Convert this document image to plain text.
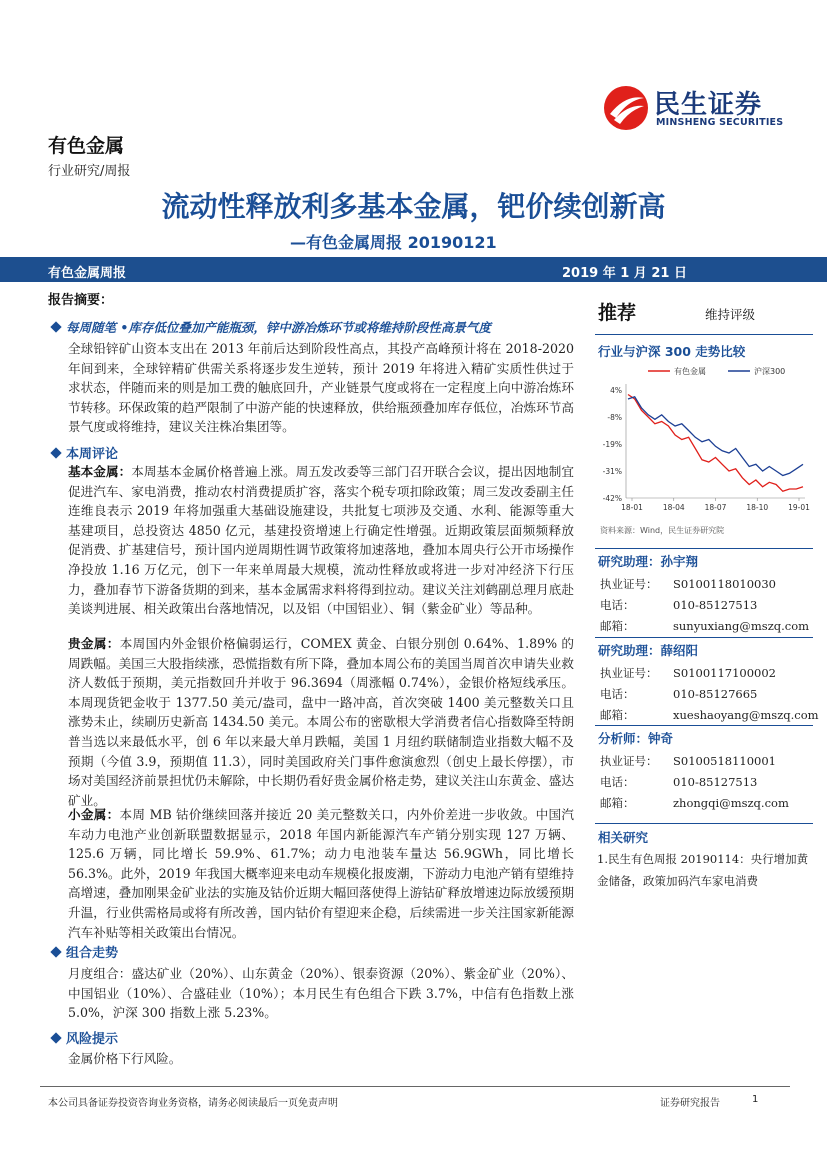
有色金属
行业研究/周报
民生证券
MINSHENG SECURITIES
流动性释放利多基本金属，钯价续创新高
—有色金属周报 20190121
有色金属周报	2019 年 1 月 21 日
报告摘要：
每周随笔 •库存低位叠加产能瓶颈，锌中游冶炼环节或将维持阶段性高景气度
全球铅锌矿山资本支出在 2013 年前后达到阶段性高点，其投产高峰预计将在 2018-2020 年间到来，全球锌精矿供需关系将逐步发生逆转，预计 2019 年将进入精矿实质性供过于求状态，伴随而来的则是加工费的触底回升，产业链景气度或将在一定程度上向中游冶炼环节转移。环保政策的趋严限制了中游产能的快速释放，供给瓶颈叠加库存低位，冶炼环节高景气度或将维持，建议关注株冶集团等。
本周评论
基本金属：本周基本金属价格普遍上涨。周五发改委等三部门召开联合会议，提出因地制宜促进汽车、家电消费，推动农村消费提质扩容，落实个税专项扣除政策；周三发改委副主任连维良表示 2019 年将加强重大基础设施建设，共批复七项涉及交通、水利、能源等重大基建项目，总投资达 4850 亿元，基建投资增速上行确定性增强。近期政策层面频频释放促消费、扩基建信号，预计国内逆周期性调节政策将加速落地，叠加本周央行公开市场操作净投放 1.16 万亿元，创下一年来单周最大规模，流动性释放或将进一步对冲经济下行压力，叠加春节下游备货期的到来，基本金属需求料将得到拉动。建议关注刘鹤副总理月底赴美谈判进展、相关政策出台落地情况，以及铝（中国铝业）、铜（紫金矿业）等品种。
贵金属：本周国内外金银价格偏弱运行，COMEX 黄金、白银分别创 0.64%、1.89% 的周跌幅。美国三大股指续涨，恐慌指数有所下降，叠加本周公布的美国当周首次申请失业救济人数低于预期，美元指数回升并收于 96.3694（周涨幅 0.74%），金银价格短线承压。本周现货钯金收于 1377.50 美元/盎司，盘中一路冲高，首次突破 1400 美元整数关口且涨势未止，续刷历史新高 1434.50 美元。本周公布的密歇根大学消费者信心指数降至特朗普当选以来最低水平，创 6 年以来最大单月跌幅，美国 1 月纽约联储制造业指数大幅不及预期（今值 3.9，预期值 11.3），同时美国政府关门事件愈演愈烈（创史上最长停摆），市场对美国经济前景担忧仍未解除，中长期仍看好贵金属价格走势，建议关注山东黄金、盛达矿业。
小金属：本周 MB 钴价继续回落并接近 20 美元整数关口，内外价差进一步收敛。中国汽车动力电池产业创新联盟数据显示，2018 年国内新能源汽车产销分别实现 127 万辆、125.6 万辆，同比增长 59.9%、61.7%；动力电池装车量达 56.9GWh，同比增长 56.3%。此外，2019 年我国大概率迎来电动车规模化报废潮，下游动力电池产销有望维持高增速，叠加刚果金矿业法的实施及钴价近期大幅回落使得上游钴矿释放增速边际放缓预期升温，行业供需格局或将有所改善，国内钴价有望迎来企稳，后续需进一步关注国家新能源汽车补贴等相关政策出台情况。
组合走势
月度组合：盛达矿业（20%）、山东黄金（20%）、银泰资源（20%）、紫金矿业（20%）、中国铝业（10%）、合盛硅业（10%）；本月民生有色组合下跌 3.7%，中信有色指数上涨 5.0%，沪深 300 指数上涨 5.23%。
风险提示
金属价格下行风险。
推荐	维持评级
行业与沪深 300 走势比较
有色金属	沪深300
4%
-8%
-19%
-31%
-42%
18-01	18-04	18-07	18-10	19-01
资料来源：Wind，民生证券研究院
研究助理：孙宇翔
执业证号： S0100118010030
电话：	010-85127513
邮箱：	sunyuxiang@mszq.com
研究助理：薛绍阳
执业证号： S0100117100002
电话：	010-85127665
邮箱：	xueshaoyang@mszq.com
分析师：钟奇
执业证号： S0100518110001
电话：	010-85127513
邮箱：	zhongqi@mszq.com
相关研究
1.民生有色周报 20190114：央行增加黄金储备，政策加码汽车家电消费
本公司具备证券投资咨询业务资格，请务必阅读最后一页免责声明	证券研究报告	1
